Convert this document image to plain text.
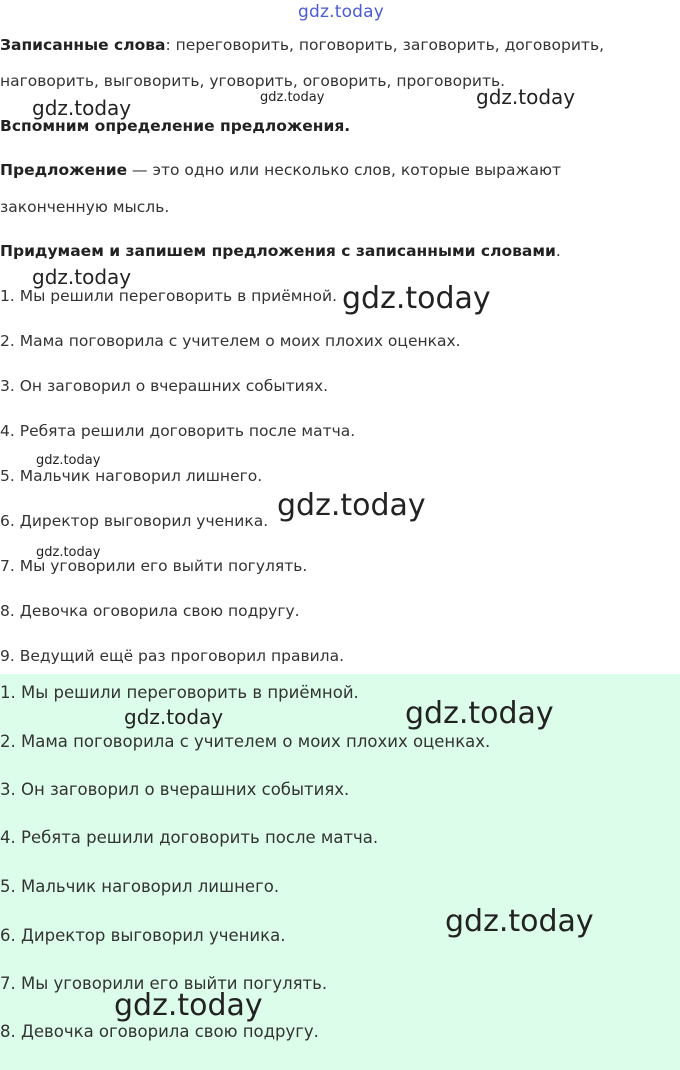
gdz.today
Записанные слова: переговорить, поговорить, заговорить, договорить,
наговорить, выговорить, уговорить, оговорить, проговорить.
Вспомним определение предложения.
Предложение — это одно или несколько слов, которые выражают
законченную мысль.
Придумаем и запишем предложения с записанными словами.
1. Мы решили переговорить в приёмной.
2. Мама поговорила с учителем о моих плохих оценках.
3. Он заговорил о вчерашних событиях.
4. Ребята решили договорить после матча.
5. Мальчик наговорил лишнего.
6. Директор выговорил ученика.
7. Мы уговорили его выйти погулять.
8. Девочка оговорила свою подругу.
9. Ведущий ещё раз проговорил правила.
1. Мы решили переговорить в приёмной.
2. Мама поговорила с учителем о моих плохих оценках.
3. Он заговорил о вчерашних событиях.
4. Ребята решили договорить после матча.
5. Мальчик наговорил лишнего.
6. Директор выговорил ученика.
7. Мы уговорили его выйти погулять.
8. Девочка оговорила свою подругу.
gdz.today	gdz.today	gdz.today
gdz.today
gdz.today
gdz.today
gdz.today
gdz.today
gdz.today	gdz.today
gdz.today
gdz.today
